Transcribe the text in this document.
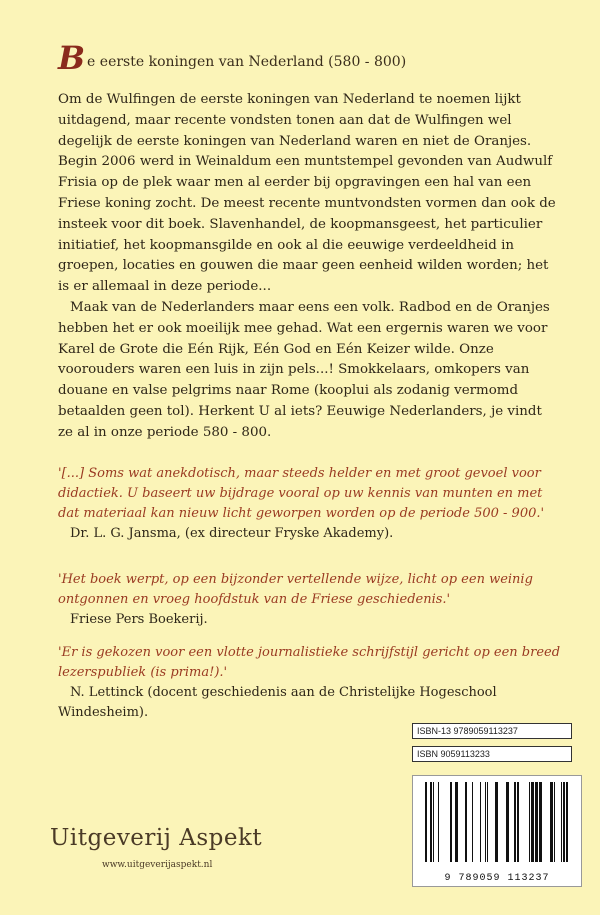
B e eerste koningen van Nederland (580 - 800)

Om de Wulfingen de eerste koningen van Nederland te noemen lijkt uitdagend, maar recente vondsten tonen aan dat de Wulfingen wel degelijk de eerste koningen van Nederland waren en niet de Oranjes. Begin 2006 werd in Weinaldum een muntstempel gevonden van Audwulf Frisia op de plek waar men al eerder bij opgravingen een hal van een Friese koning zocht. De meest recente muntvondsten vormen dan ook de insteek voor dit boek. Slavenhandel, de koopmansgeest, het particulier initiatief, het koopmansgilde en ook al die eeuwige verdeeldheid in groepen, locaties en gouwen die maar geen eenheid wilden worden; het is er allemaal in deze periode...

Maak van de Nederlanders maar eens een volk. Radbod en de Oranjes hebben het er ook moeilijk mee gehad. Wat een ergernis waren we voor Karel de Grote die Eén Rijk, Eén God en Eén Keizer wilde. Onze voorouders waren een luis in zijn pels...! Smokkelaars, omkopers van douane en valse pelgrims naar Rome (kooplui als zodanig vermomd betaalden geen tol). Herkent U al iets? Eeuwige Nederlanders, je vindt ze al in onze periode 580 - 800.

'[...] Soms wat anekdotisch, maar steeds helder en met groot gevoel voor didactiek. U baseert uw bijdrage vooral op uw kennis van munten en met dat materiaal kan nieuw licht geworpen worden op de periode 500 - 900.'
Dr. L. G. Jansma, (ex directeur Fryske Akademy).
'Het boek werpt, op een bijzonder vertellende wijze, licht op een weinig ontgonnen en vroeg hoofdstuk van de Friese geschiedenis.'
Friese Pers Boekerij.
'Er is gekozen voor een vlotte journalistieke schrijfstijl gericht op een breed lezerspubliek (is prima!).'
N. Lettinck (docent geschiedenis aan de Christelijke Hogeschool Windesheim).
ISBN-13 9789059113237
ISBN 9059113233
9 789059 113237
Uitgeverij Aspekt
www.uitgeverijaspekt.nl
